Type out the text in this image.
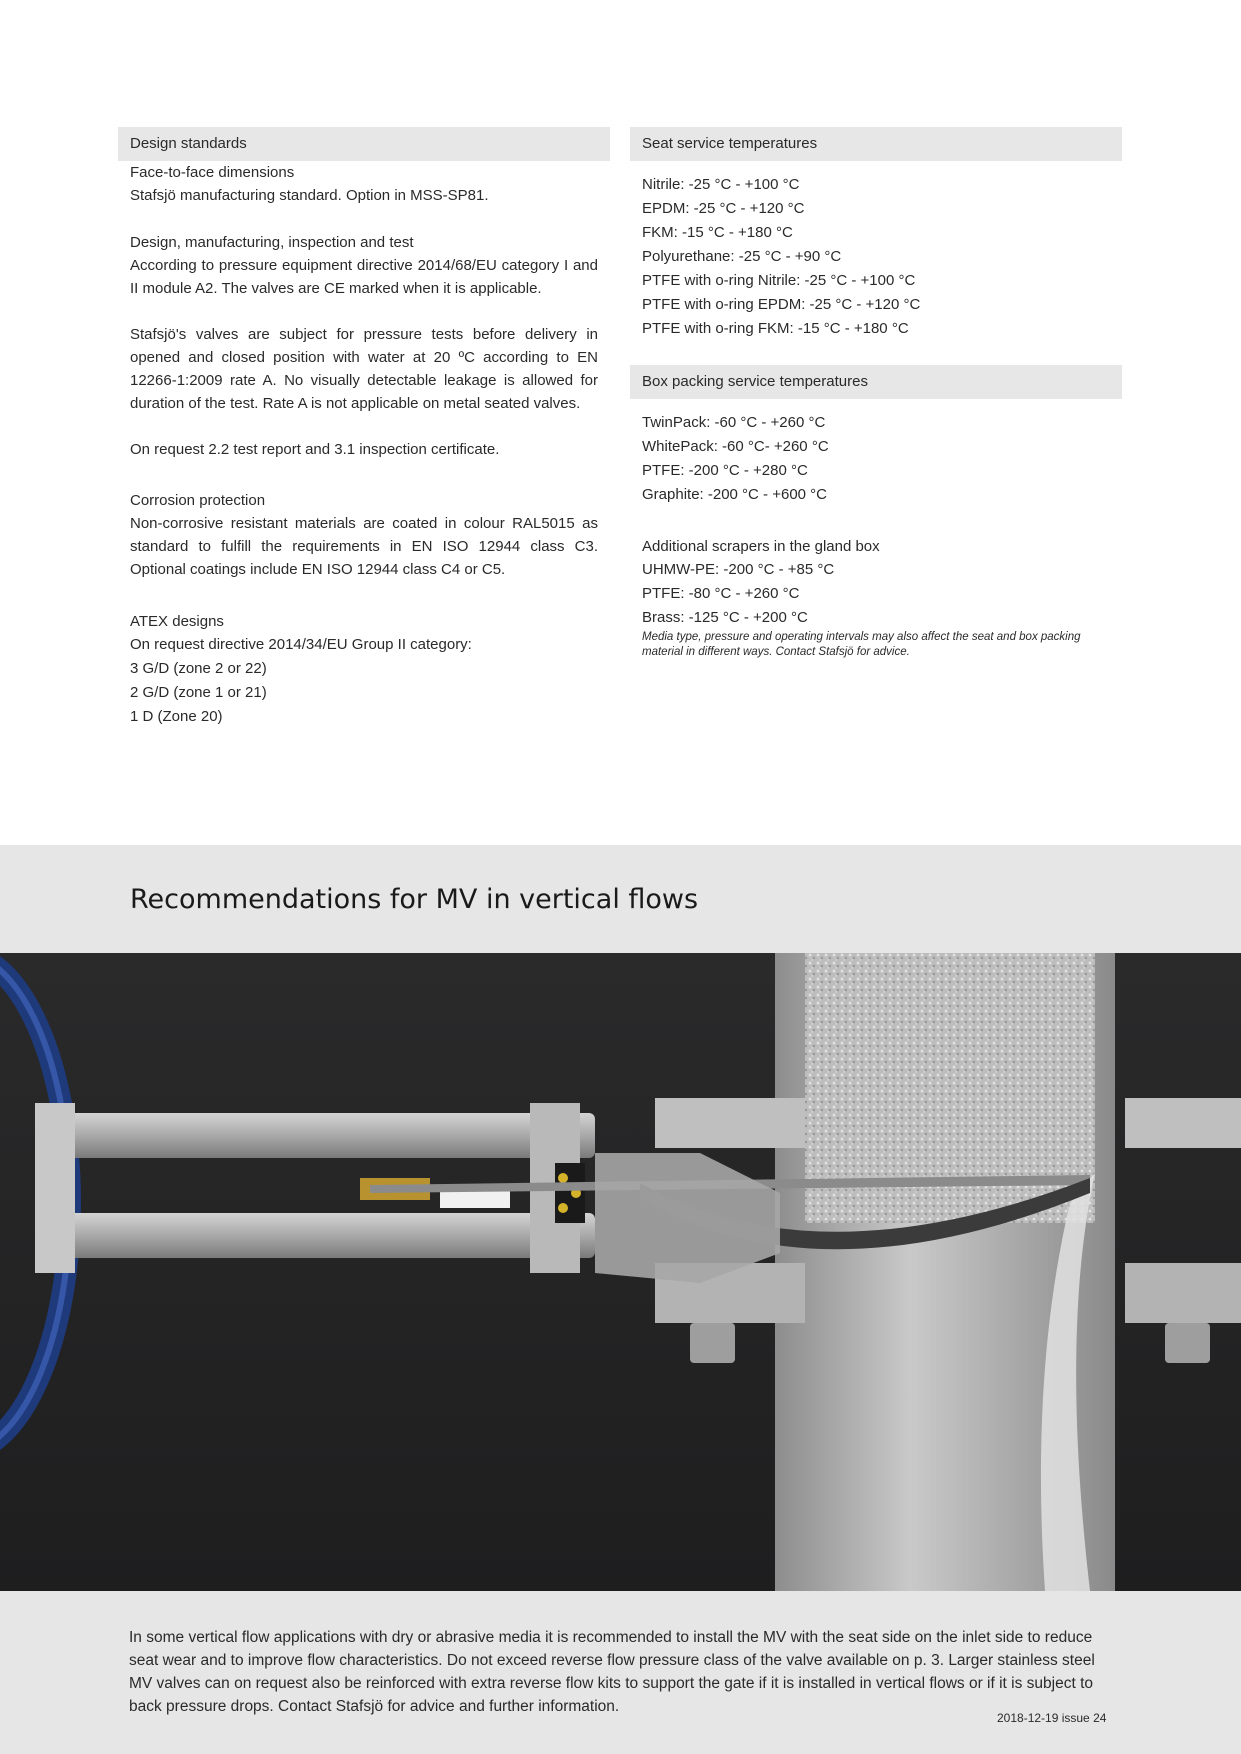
Design standards

Face-to-face dimensions

Stafsjö manufacturing standard. Option in MSS-SP81.

Design, manufacturing, inspection and test

According to pressure equipment directive 2014/68/EU category I and II module A2. The valves are CE marked when it is applicable.

Stafsjö's valves are subject for pressure tests before delivery in opened and closed position with water at 20 ºC according to EN 12266-1:2009 rate A. No visually detectable leakage is allowed for duration of the test. Rate A is not applicable on metal seated valves.

On request 2.2 test report and 3.1 inspection certificate.

Corrosion protection

Non-corrosive resistant materials are coated in colour RAL5015 as standard to fulfill the requirements in EN ISO 12944 class C3. Optional coatings include EN ISO 12944 class C4 or C5.

ATEX designs

On request directive 2014/34/EU Group II category:
3 G/D (zone 2 or 22)
2 G/D (zone 1 or 21)
1 D (Zone 20)
Seat service temperatures
Nitrile: -25 °C - +100 °C
EPDM: -25 °C - +120 °C
FKM: -15 °C - +180 °C
Polyurethane: -25 °C - +90 °C
PTFE with o-ring Nitrile: -25 °C - +100 °C
PTFE with o-ring EPDM: -25 °C - +120 °C
PTFE with o-ring FKM: -15 °C - +180 °C
Box packing service temperatures
TwinPack: -60 °C - +260 °C
WhitePack: -60 °C- +260 °C
PTFE: -200 °C - +280 °C
Graphite: -200 °C - +600 °C

Additional scrapers in the gland box

UHMW-PE: -200 °C - +85 °C
PTFE: -80 °C - +260 °C
Brass: -125 °C - +200 °C

Media type, pressure and operating intervals may also affect the seat and box packing material in different ways. Contact Stafsjö for advice.

Recommendations for MV in vertical flows

In some vertical flow applications with dry or abrasive media it is recommended to install the MV with the seat side on the inlet side to reduce seat wear and to improve flow characteristics. Do not exceed reverse flow pressure class of the valve available on p. 3. Larger stainless steel MV valves can on request also be reinforced with extra reverse flow kits to support the gate if it is installed in vertical flows or if it is subject to back pressure drops. Contact Stafsjö for advice and further information.

2018-12-19 issue 24
